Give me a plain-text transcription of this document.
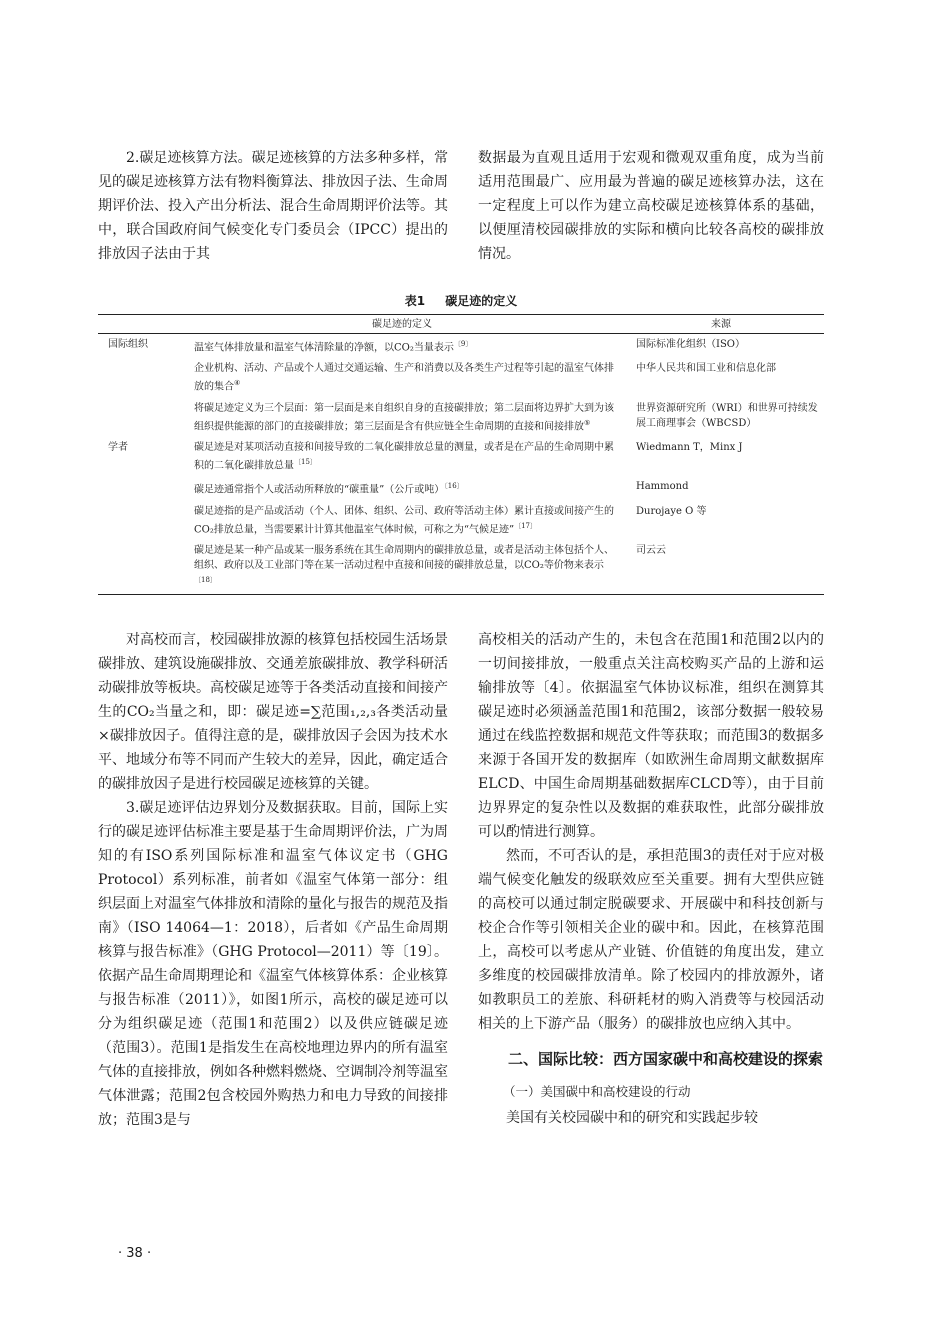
2.碳足迹核算方法。碳足迹核算的方法多种多样，常见的碳足迹核算方法有物料衡算法、排放因子法、生命周期评价法、投入产出分析法、混合生命周期评价法等。其中，联合国政府间气候变化专门委员会（IPCC）提出的排放因子法由于其

数据最为直观且适用于宏观和微观双重角度，成为当前适用范围最广、应用最为普遍的碳足迹核算办法，这在一定程度上可以作为建立高校碳足迹核算体系的基础，以便厘清校园碳排放的实际和横向比较各高校的碳排放情况。

表1 碳足迹的定义
	碳足迹的定义	来源
国际组织	温室气体排放量和温室气体清除量的净额，以CO₂当量表示$^{〔9〕}$	国际标准化组织（ISO）
	企业机构、活动、产品或个人通过交通运输、生产和消费以及各类生产过程等引起的温室气体排放的集合④	中华人民共和国工业和信息化部
	将碳足迹定义为三个层面：第一层面是来自组织自身的直接碳排放；第二层面将边界扩大到为该组织提供能源的部门的直接碳排放；第三层面是含有供应链全生命周期的直接和间接排放⑤	世界资源研究所（WRI）和世界可持续发展工商理事会（WBCSD）
学者	碳足迹是对某项活动直接和间接导致的二氧化碳排放总量的测量，或者是在产品的生命周期中累积的二氧化碳排放总量$^{〔15〕}$	Wiedmann T，Minx J
	碳足迹通常指个人或活动所释放的“碳重量”（公斤或吨）$^{〔16〕}$	Hammond
	碳足迹指的是产品或活动（个人、团体、组织、公司、政府等活动主体）累计直接或间接产生的CO₂排放总量，当需要累计计算其他温室气体时候，可称之为“气候足迹”$^{〔17〕}$	Durojaye O 等
	碳足迹是某一种产品或某一服务系统在其生命周期内的碳排放总量，或者是活动主体包括个人、组织、政府以及工业部门等在某一活动过程中直接和间接的碳排放总量，以CO₂等价物来表示$^{〔18〕}$	司云云

对高校而言，校园碳排放源的核算包括校园生活场景碳排放、建筑设施碳排放、交通差旅碳排放、教学科研活动碳排放等板块。高校碳足迹等于各类活动直接和间接产生的CO₂当量之和，即：碳足迹=∑范围₁,₂,₃各类活动量×碳排放因子。值得注意的是，碳排放因子会因为技术水平、地域分布等不同而产生较大的差异，因此，确定适合的碳排放因子是进行校园碳足迹核算的关键。

3.碳足迹评估边界划分及数据获取。目前，国际上实行的碳足迹评估标准主要是基于生命周期评价法，广为周知的有ISO系列国际标准和温室气体议定书（GHG Protocol）系列标准，前者如《温室气体第一部分：组织层面上对温室气体排放和清除的量化与报告的规范及指南》（ISO 14064—1：2018），后者如《产品生命周期核算与报告标准》（GHG Protocol—2011）等〔19〕。依据产品生命周期理论和《温室气体核算体系：企业核算与报告标准（2011）》，如图1所示，高校的碳足迹可以分为组织碳足迹（范围1和范围2）以及供应链碳足迹（范围3）。范围1是指发生在高校地理边界内的所有温室气体的直接排放，例如各种燃料燃烧、空调制冷剂等温室气体泄露；范围2包含校园外购热力和电力导致的间接排放；范围3是与

高校相关的活动产生的，未包含在范围1和范围2以内的一切间接排放，一般重点关注高校购买产品的上游和运输排放等〔4〕。依据温室气体协议标准，组织在测算其碳足迹时必须涵盖范围1和范围2，该部分数据一般较易通过在线监控数据和规范文件等获取；而范围3的数据多来源于各国开发的数据库（如欧洲生命周期文献数据库ELCD、中国生命周期基础数据库CLCD等），由于目前边界界定的复杂性以及数据的难获取性，此部分碳排放可以酌情进行测算。

然而，不可否认的是，承担范围3的责任对于应对极端气候变化触发的级联效应至关重要。拥有大型供应链的高校可以通过制定脱碳要求、开展碳中和科技创新与校企合作等引领相关企业的碳中和。因此，在核算范围上，高校可以考虑从产业链、价值链的角度出发，建立多维度的校园碳排放清单。除了校园内的排放源外，诸如教职员工的差旅、科研耗材的购入消费等与校园活动相关的上下游产品（服务）的碳排放也应纳入其中。

二、国际比较：西方国家碳中和高校建设的探索
（一）美国碳中和高校建设的行动

美国有关校园碳中和的研究和实践起步较

· 38 ·
